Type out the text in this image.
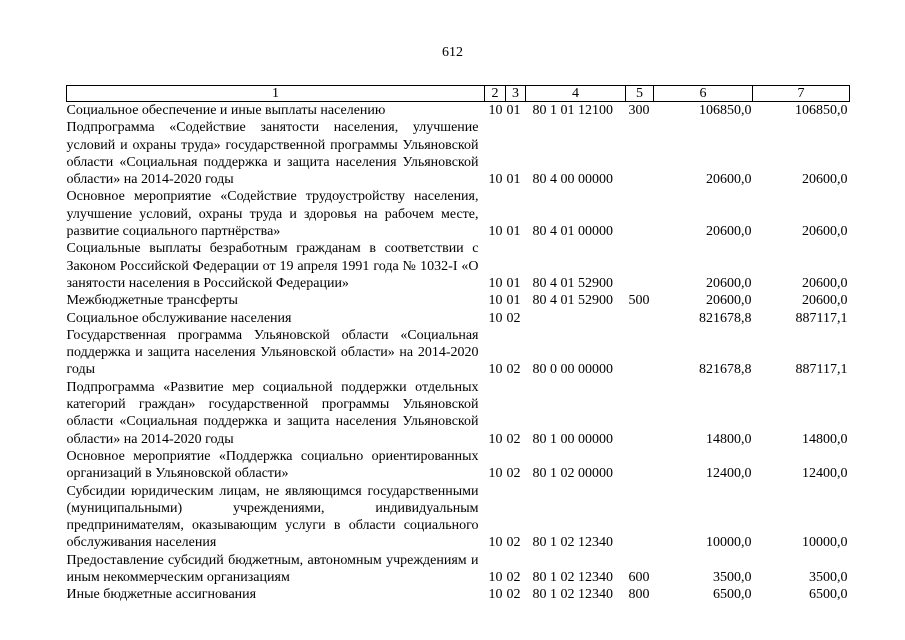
612
1	2	3	4	5	6	7
Социальное обеспечение и иные выплаты населению	10	01	80 1 01 12100	300	106850,0	106850,0
Подпрограмма «Содействие занятости населения, улучшение условий и охраны труда» государственной программы Ульяновской области «Социальная поддержка и защита населения Ульяновской области» на 2014-2020 годы	10	01	80 4 00 00000		20600,0	20600,0
Основное мероприятие «Содействие трудоустройству населения, улучшение условий, охраны труда и здоровья на рабочем месте, развитие социального партнёрства»	10	01	80 4 01 00000		20600,0	20600,0
Социальные выплаты безработным гражданам в соответствии с Законом Российской Федерации от 19 апреля 1991 года № 1032-I «О занятости населения в Российской Федерации»	10	01	80 4 01 52900		20600,0	20600,0
Межбюджетные трансферты	10	01	80 4 01 52900	500	20600,0	20600,0
Социальное обслуживание населения	10	02			821678,8	887117,1
Государственная программа Ульяновской области «Социальная поддержка и защита населения Ульяновской области» на 2014-2020 годы	10	02	80 0 00 00000		821678,8	887117,1
Подпрограмма «Развитие мер социальной поддержки отдельных категорий граждан» государственной программы Ульяновской области «Социальная поддержка и защита населения Ульяновской области» на 2014-2020 годы	10	02	80 1 00 00000		14800,0	14800,0
Основное мероприятие «Поддержка социально ориентированных организаций в Ульяновской области»	10	02	80 1 02 00000		12400,0	12400,0
Субсидии юридическим лицам, не являющимся государственными (муниципальными) учреждениями, индивидуальным предпринимателям, оказывающим услуги в области социального обслуживания населения	10	02	80 1 02 12340		10000,0	10000,0
Предоставление субсидий бюджетным, автономным учреждениям и иным некоммерческим организациям	10	02	80 1 02 12340	600	3500,0	3500,0
Иные бюджетные ассигнования	10	02	80 1 02 12340	800	6500,0	6500,0
